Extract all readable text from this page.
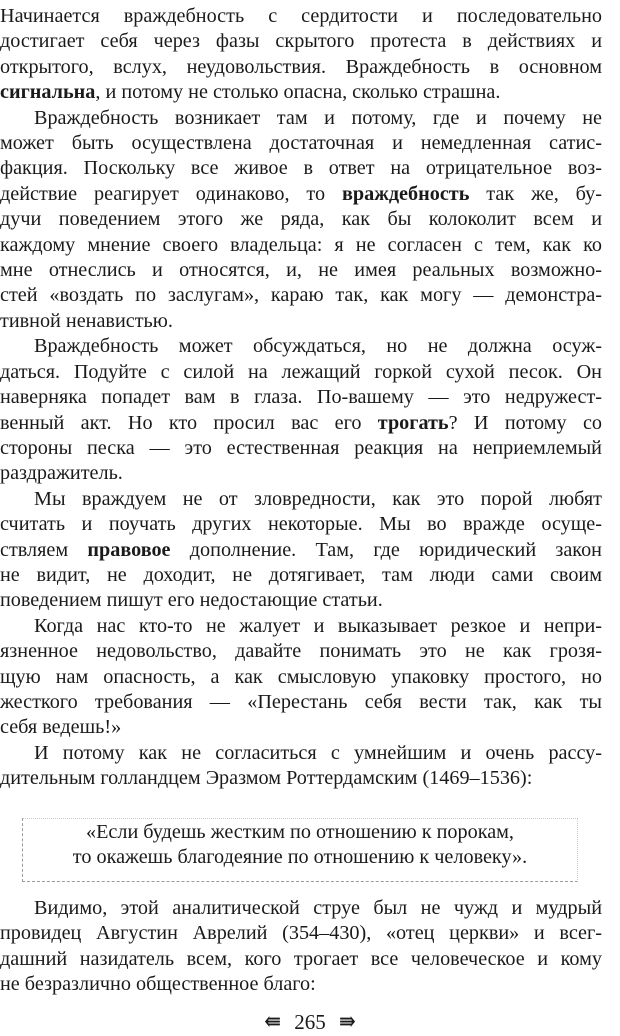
Начинается враждебность с сердитости и последовательно
достигает себя через фазы скрытого протеста в действиях и
открытого, вслух, неудовольствия. Враждебность в основном
сигнальна, и потому не столько опасна, сколько страшна.

Враждебность возникает там и потому, где и почему не
может быть осуществлена достаточная и немедленная сатис-
факция. Поскольку все живое в ответ на отрицательное воз-
действие реагирует одинаково, то враждебность так же, бу-
дучи поведением этого же ряда, как бы колоколит всем и
каждому мнение своего владельца: я не согласен с тем, как ко
мне отнеслись и относятся, и, не имея реальных возможно-
стей «воздать по заслугам», караю так, как могу — демонстра-
тивной ненавистью.

Враждебность может обсуждаться, но не должна осуж-
даться. Подуйте с силой на лежащий горкой сухой песок. Он
наверняка попадет вам в глаза. По-вашему — это недружест-
венный акт. Но кто просил вас его трогать? И потому со
стороны песка — это естественная реакция на неприемлемый
раздражитель.

Мы враждуем не от зловредности, как это порой любят
считать и поучать других некоторые. Мы во вражде осуще-
ствляем правовое дополнение. Там, где юридический закон
не видит, не доходит, не дотягивает, там люди сами своим
поведением пишут его недостающие статьи.

Когда нас кто-то не жалует и выказывает резкое и непри-
язненное недовольство, давайте понимать это не как грозя-
щую нам опасность, а как смысловую упаковку простого, но
жесткого требования — «Перестань себя вести так, как ты
себя ведешь!»

И потому как не согласиться с умнейшим и очень рассу-
дительным голландцем Эразмом Роттердамским (1469–1536):

«Если будешь жестким по отношению к порокам,
то окажешь благодеяние по отношению к человеку».
Видимо, этой аналитической струе был не чужд и мудрый
провидец Августин Аврелий (354–430), «отец церкви» и всег-
дашний назидатель всем, кого трогает все человеческое и кому
не безразлично общественное благо:
⇚ 265 ⇛
